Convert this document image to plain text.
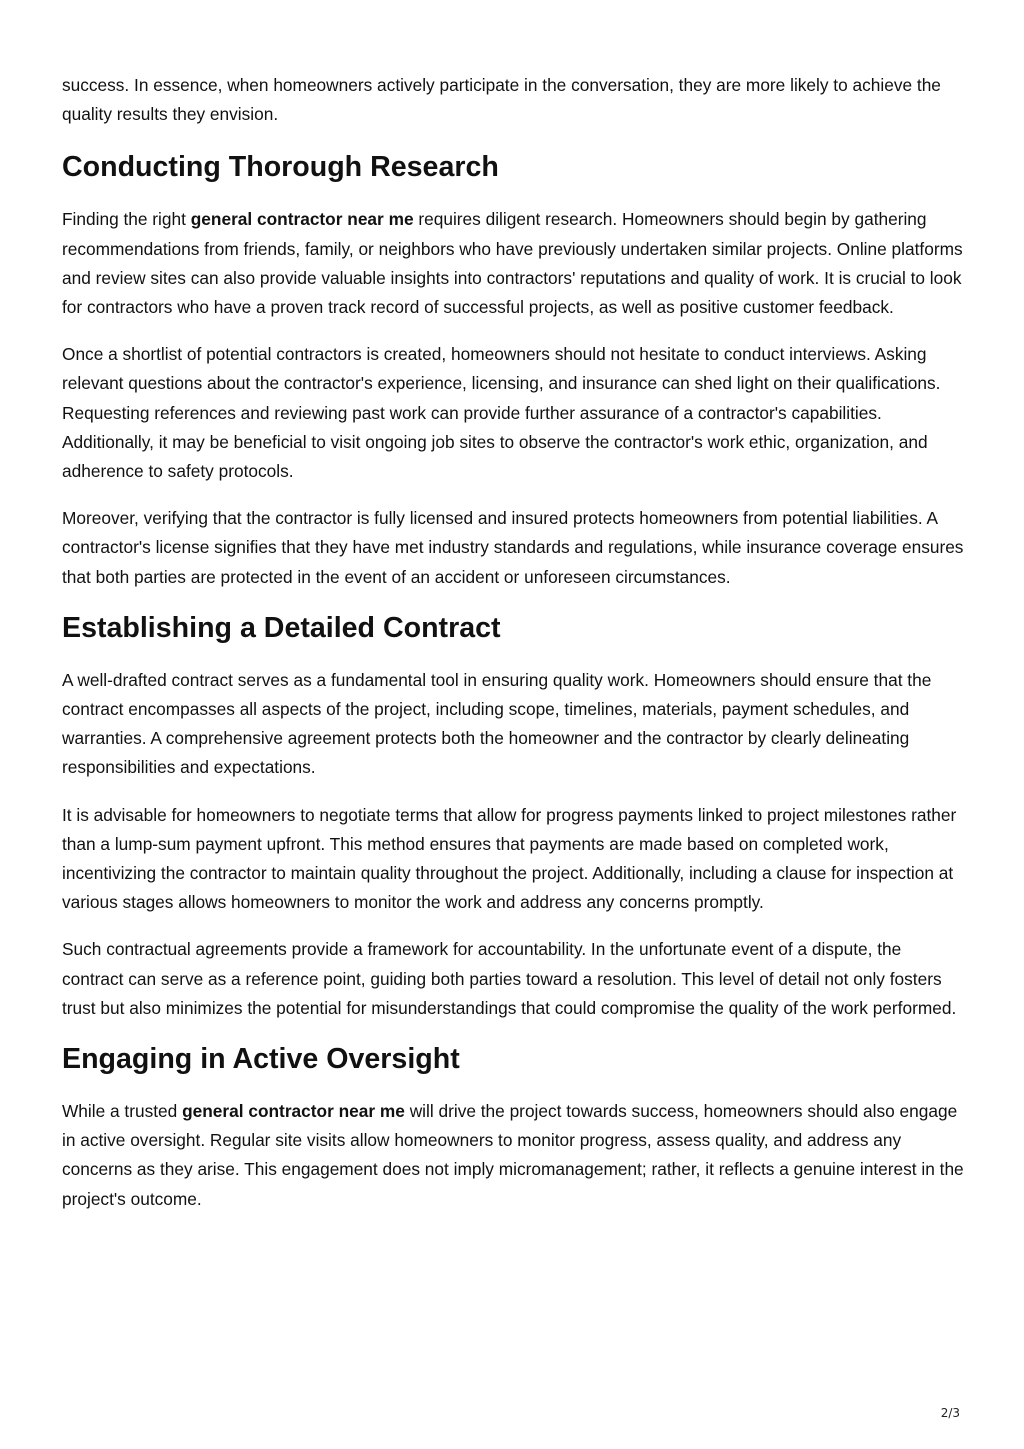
success. In essence, when homeowners actively participate in the conversation, they are more likely to achieve the quality results they envision.

Conducting Thorough Research

Finding the right general contractor near me requires diligent research. Homeowners should begin by gathering recommendations from friends, family, or neighbors who have previously undertaken similar projects. Online platforms and review sites can also provide valuable insights into contractors' reputations and quality of work. It is crucial to look for contractors who have a proven track record of successful projects, as well as positive customer feedback.

Once a shortlist of potential contractors is created, homeowners should not hesitate to conduct interviews. Asking relevant questions about the contractor's experience, licensing, and insurance can shed light on their qualifications. Requesting references and reviewing past work can provide further assurance of a contractor's capabilities. Additionally, it may be beneficial to visit ongoing job sites to observe the contractor's work ethic, organization, and adherence to safety protocols.

Moreover, verifying that the contractor is fully licensed and insured protects homeowners from potential liabilities. A contractor's license signifies that they have met industry standards and regulations, while insurance coverage ensures that both parties are protected in the event of an accident or unforeseen circumstances.

Establishing a Detailed Contract

A well-drafted contract serves as a fundamental tool in ensuring quality work. Homeowners should ensure that the contract encompasses all aspects of the project, including scope, timelines, materials, payment schedules, and warranties. A comprehensive agreement protects both the homeowner and the contractor by clearly delineating responsibilities and expectations.

It is advisable for homeowners to negotiate terms that allow for progress payments linked to project milestones rather than a lump-sum payment upfront. This method ensures that payments are made based on completed work, incentivizing the contractor to maintain quality throughout the project. Additionally, including a clause for inspection at various stages allows homeowners to monitor the work and address any concerns promptly.

Such contractual agreements provide a framework for accountability. In the unfortunate event of a dispute, the contract can serve as a reference point, guiding both parties toward a resolution. This level of detail not only fosters trust but also minimizes the potential for misunderstandings that could compromise the quality of the work performed.

Engaging in Active Oversight

While a trusted general contractor near me will drive the project towards success, homeowners should also engage in active oversight. Regular site visits allow homeowners to monitor progress, assess quality, and address any concerns as they arise. This engagement does not imply micromanagement; rather, it reflects a genuine interest in the project's outcome.

2/3
